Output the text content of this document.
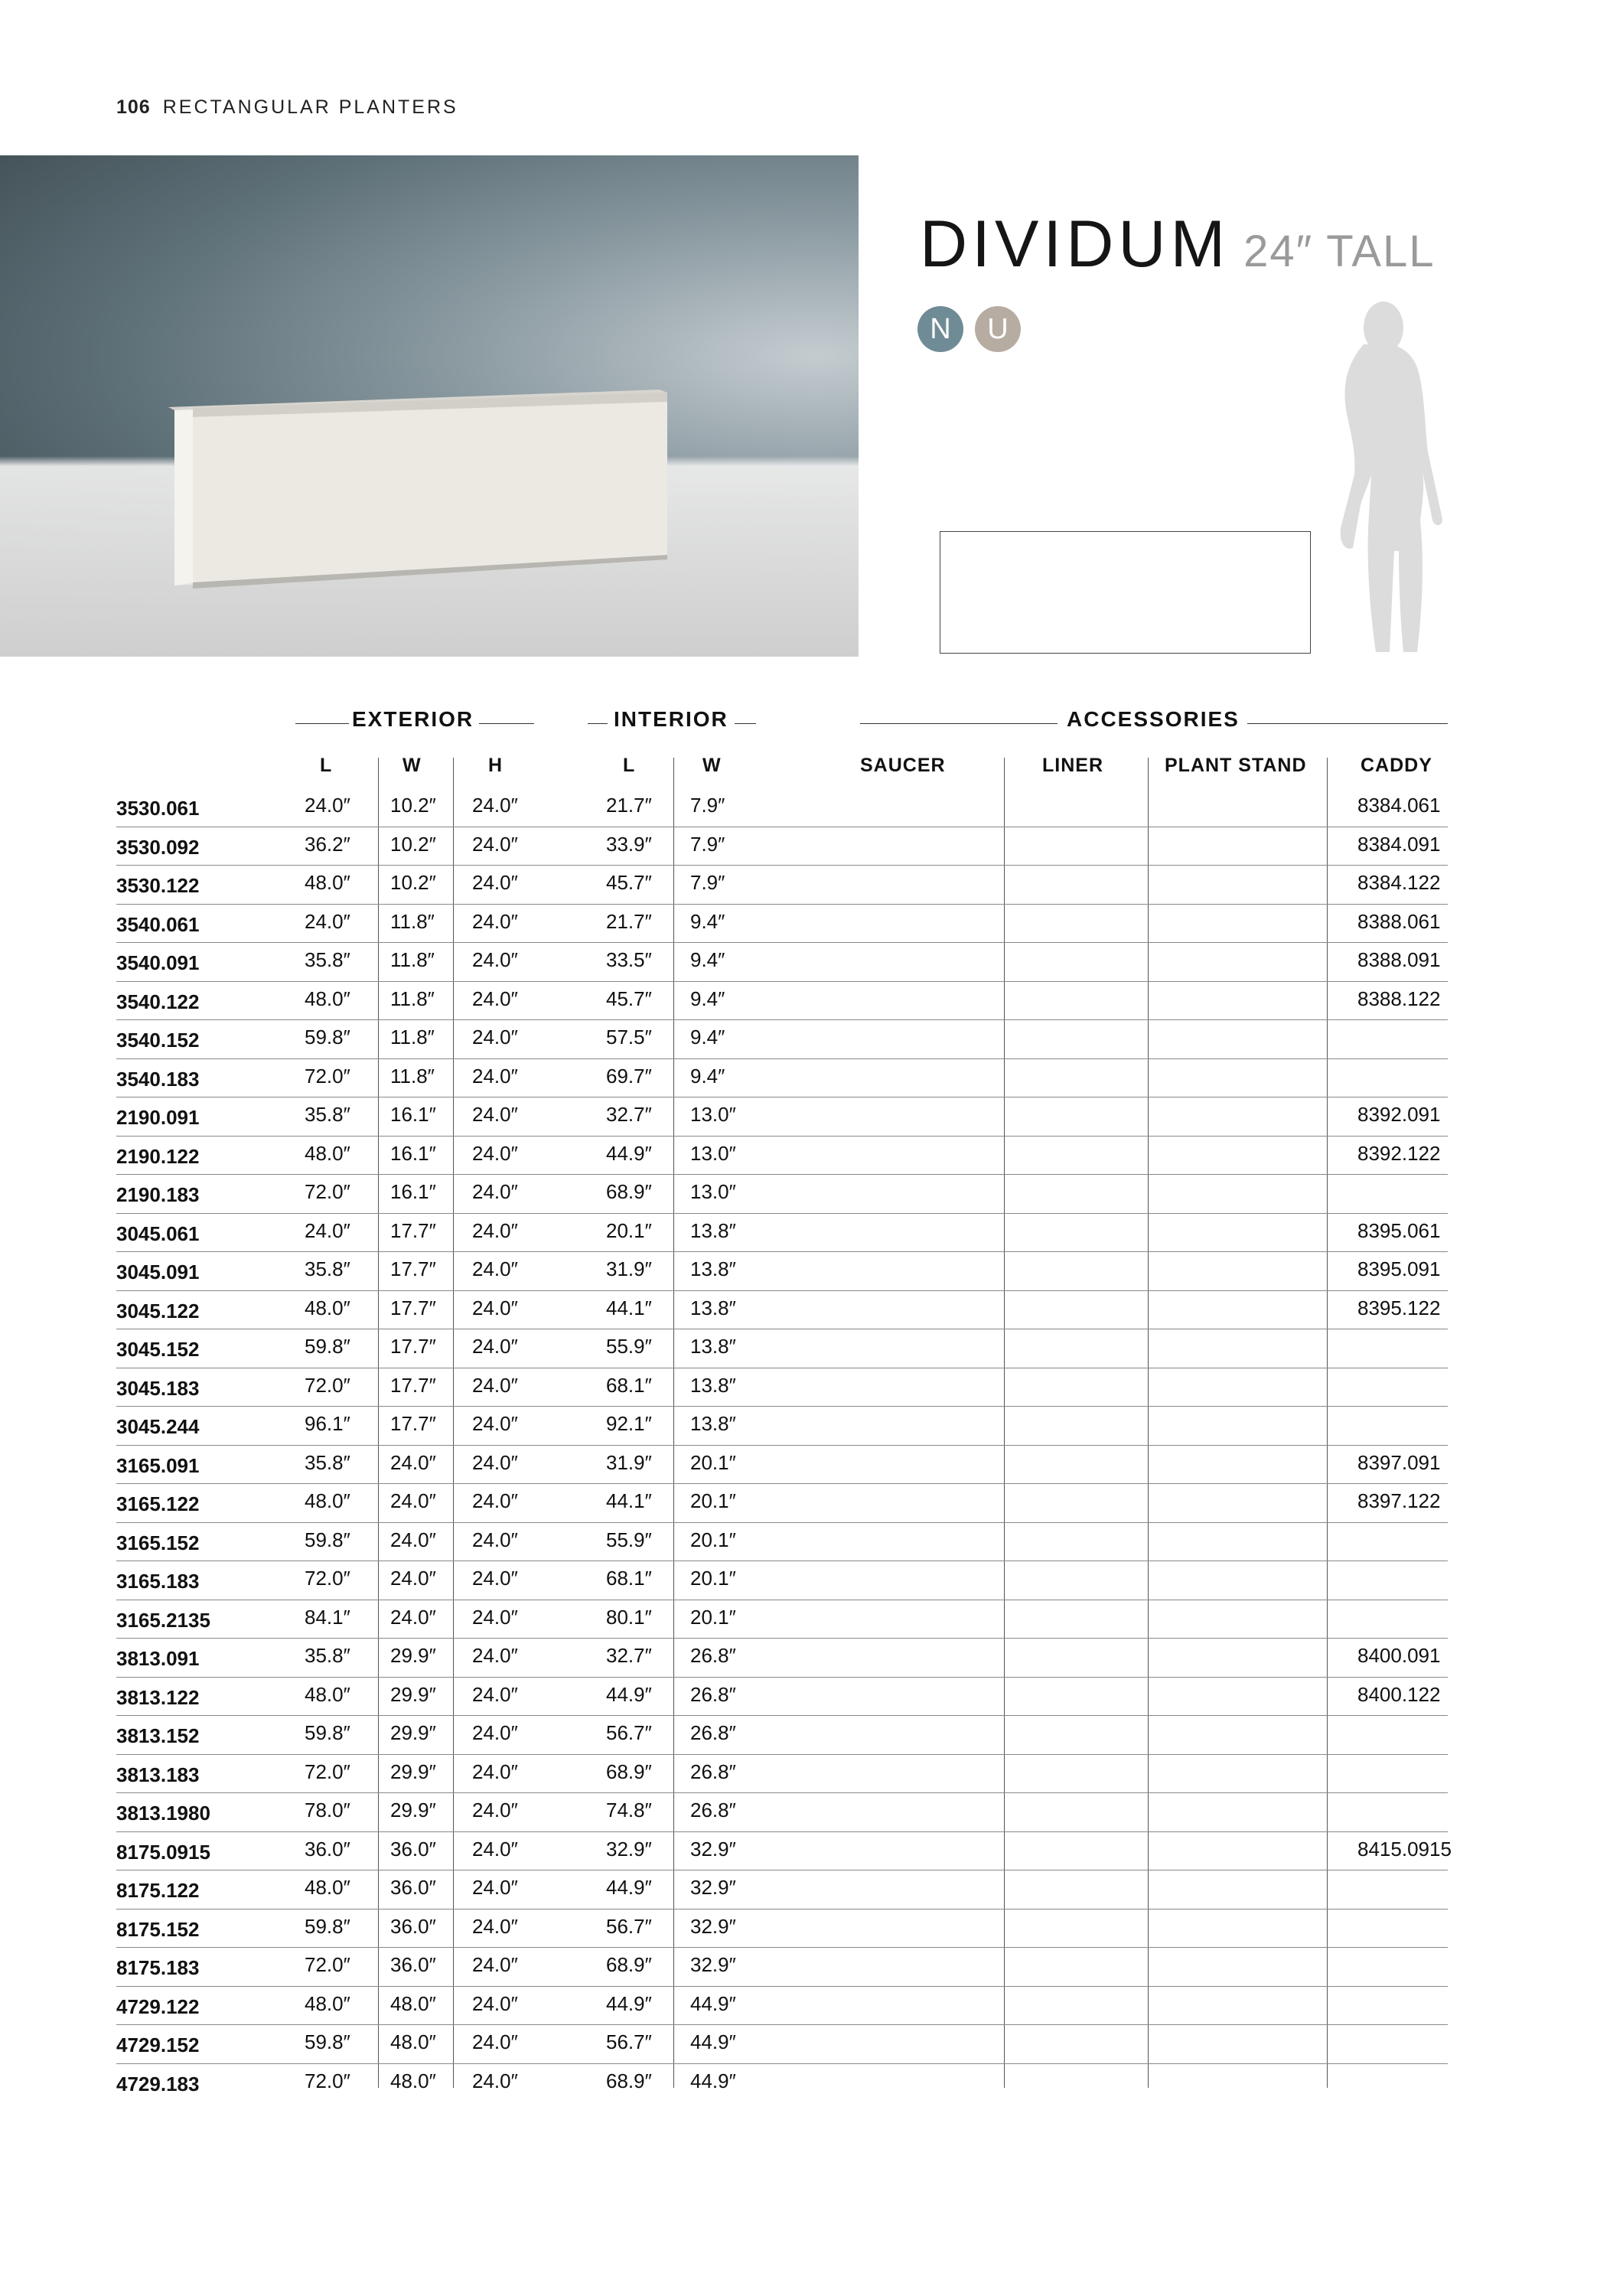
106 RECTANGULAR PLANTERS
DIVIDUM 24″ TALL
N	U
EXTERIOR	INTERIOR	ACCESSORIES
L	W	H	L	W	SAUCER	LINER	PLANT STAND	CADDY
3530.061	24.0″ 10.2″ 24.0″	21.7″ 7.9″	8384.061
3530.092	36.2″ 10.2″ 24.0″	33.9″ 7.9″	8384.091
3530.122	48.0″ 10.2″ 24.0″	45.7″ 7.9″	8384.122
3540.061	24.0″ 11.8″ 24.0″	21.7″ 9.4″	8388.061
3540.091	35.8″ 11.8″ 24.0″	33.5″ 9.4″	8388.091
3540.122	48.0″ 11.8″ 24.0″	45.7″ 9.4″	8388.122
3540.152	59.8″ 11.8″ 24.0″	57.5″ 9.4″
3540.183	72.0″ 11.8″ 24.0″	69.7″ 9.4″
2190.091	35.8″ 16.1″ 24.0″	32.7″ 13.0″	8392.091
2190.122	48.0″ 16.1″ 24.0″	44.9″ 13.0″	8392.122
2190.183	72.0″ 16.1″ 24.0″	68.9″ 13.0″
3045.061	24.0″ 17.7″ 24.0″	20.1″ 13.8″	8395.061
3045.091	35.8″ 17.7″ 24.0″	31.9″ 13.8″	8395.091
3045.122	48.0″ 17.7″ 24.0″	44.1″ 13.8″	8395.122
3045.152	59.8″ 17.7″ 24.0″	55.9″ 13.8″
3045.183	72.0″ 17.7″ 24.0″	68.1″ 13.8″
3045.244	96.1″ 17.7″ 24.0″	92.1″ 13.8″
3165.091	35.8″ 24.0″ 24.0″	31.9″ 20.1″	8397.091
3165.122	48.0″ 24.0″ 24.0″	44.1″ 20.1″	8397.122
3165.152	59.8″ 24.0″ 24.0″	55.9″ 20.1″
3165.183	72.0″ 24.0″ 24.0″	68.1″ 20.1″
3165.2135	84.1″ 24.0″ 24.0″	80.1″ 20.1″
3813.091	35.8″ 29.9″ 24.0″	32.7″ 26.8″	8400.091
3813.122	48.0″ 29.9″ 24.0″	44.9″ 26.8″	8400.122
3813.152	59.8″ 29.9″ 24.0″	56.7″ 26.8″
3813.183	72.0″ 29.9″ 24.0″	68.9″ 26.8″
3813.1980	78.0″ 29.9″ 24.0″	74.8″ 26.8″
8175.0915	36.0″ 36.0″ 24.0″	32.9″ 32.9″	8415.0915
8175.122	48.0″ 36.0″ 24.0″	44.9″ 32.9″
8175.152	59.8″ 36.0″ 24.0″	56.7″ 32.9″
8175.183	72.0″ 36.0″ 24.0″	68.9″ 32.9″
4729.122	48.0″ 48.0″ 24.0″	44.9″ 44.9″
4729.152	59.8″ 48.0″ 24.0″	56.7″ 44.9″
4729.183	72.0″ 48.0″ 24.0″	68.9″ 44.9″
